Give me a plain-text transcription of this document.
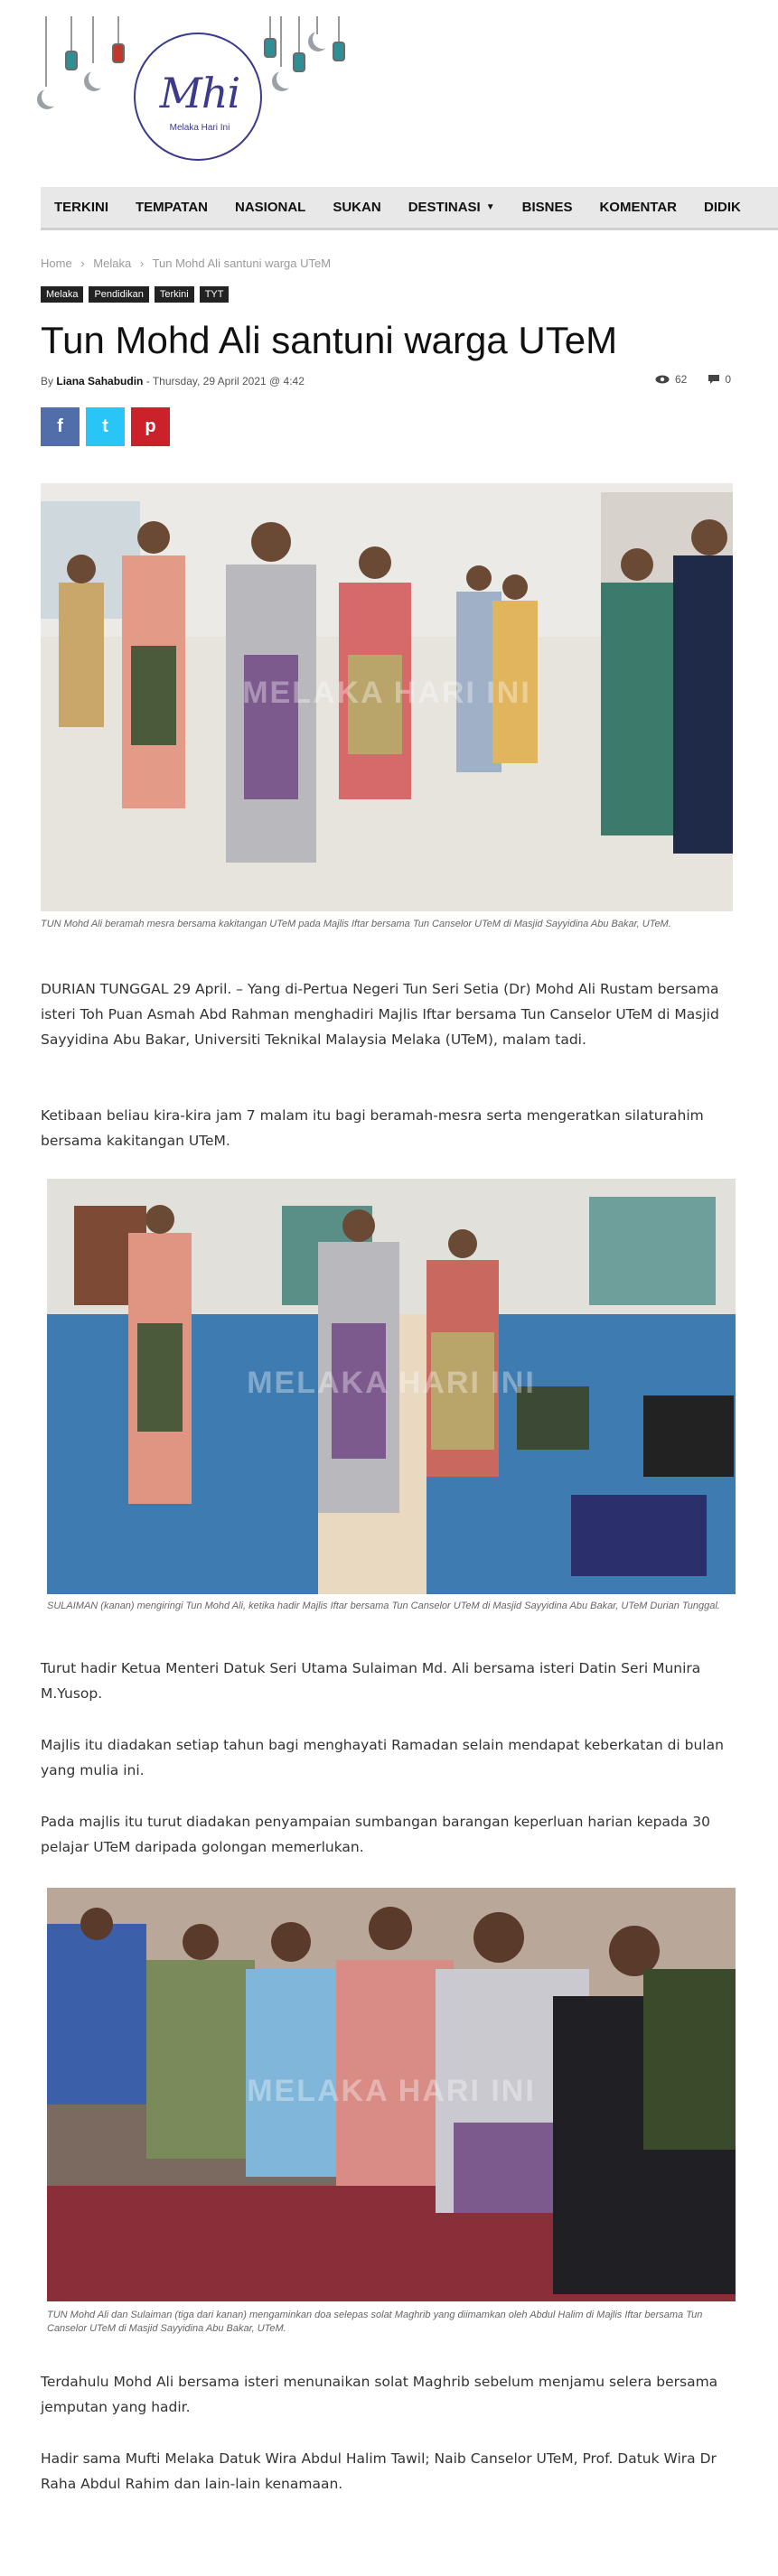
Mhi
Melaka Hari Ini
TERKINI TEMPATAN NASIONAL SUKAN DESTINASI ▼ BISNES KOMENTAR DIDIK
Home › Melaka › Tun Mohd Ali santuni warga UTeM
Melaka	Pendidikan	Terkini	TYT
Tun Mohd Ali santuni warga UTeM
By Liana Sahabudin - Thursday, 29 April 2021 @ 4:42	62	0
f t p
MELAKA HARI INI
TUN Mohd Ali beramah mesra bersama kakitangan UTeM pada Majlis Iftar bersama Tun Canselor UTeM di Masjid Sayyidina Abu Bakar, UTeM.

DURIAN TUNGGAL 29 April. – Yang di-Pertua Negeri Tun Seri Setia (Dr) Mohd Ali Rustam bersama isteri Toh Puan Asmah Abd Rahman menghadiri Majlis Iftar bersama Tun Canselor UTeM di Masjid Sayyidina Abu Bakar, Universiti Teknikal Malaysia Melaka (UTeM), malam tadi.

Ketibaan beliau kira-kira jam 7 malam itu bagi beramah-mesra serta mengeratkan silaturahim bersama kakitangan UTeM.

MELAKA HARI INI
SULAIMAN (kanan) mengiringi Tun Mohd Ali, ketika hadir Majlis Iftar bersama Tun Canselor UTeM di Masjid Sayyidina Abu Bakar, UTeM Durian Tunggal.

Turut hadir Ketua Menteri Datuk Seri Utama Sulaiman Md. Ali bersama isteri Datin Seri Munira M.Yusop.

Majlis itu diadakan setiap tahun bagi menghayati Ramadan selain mendapat keberkatan di bulan yang mulia ini.

Pada majlis itu turut diadakan penyampaian sumbangan barangan keperluan harian kepada 30 pelajar UTeM daripada golongan memerlukan.

MELAKA HARI INI
TUN Mohd Ali dan Sulaiman (tiga dari kanan) mengaminkan doa selepas solat Maghrib yang diimamkan oleh Abdul Halim di Majlis Iftar bersama Tun Canselor UTeM di Masjid Sayyidina Abu Bakar, UTeM.

Terdahulu Mohd Ali bersama isteri menunaikan solat Maghrib sebelum menjamu selera bersama jemputan yang hadir.

Hadir sama Mufti Melaka Datuk Wira Abdul Halim Tawil; Naib Canselor UTeM, Prof. Datuk Wira Dr Raha Abdul Rahim dan lain-lain kenamaan.
